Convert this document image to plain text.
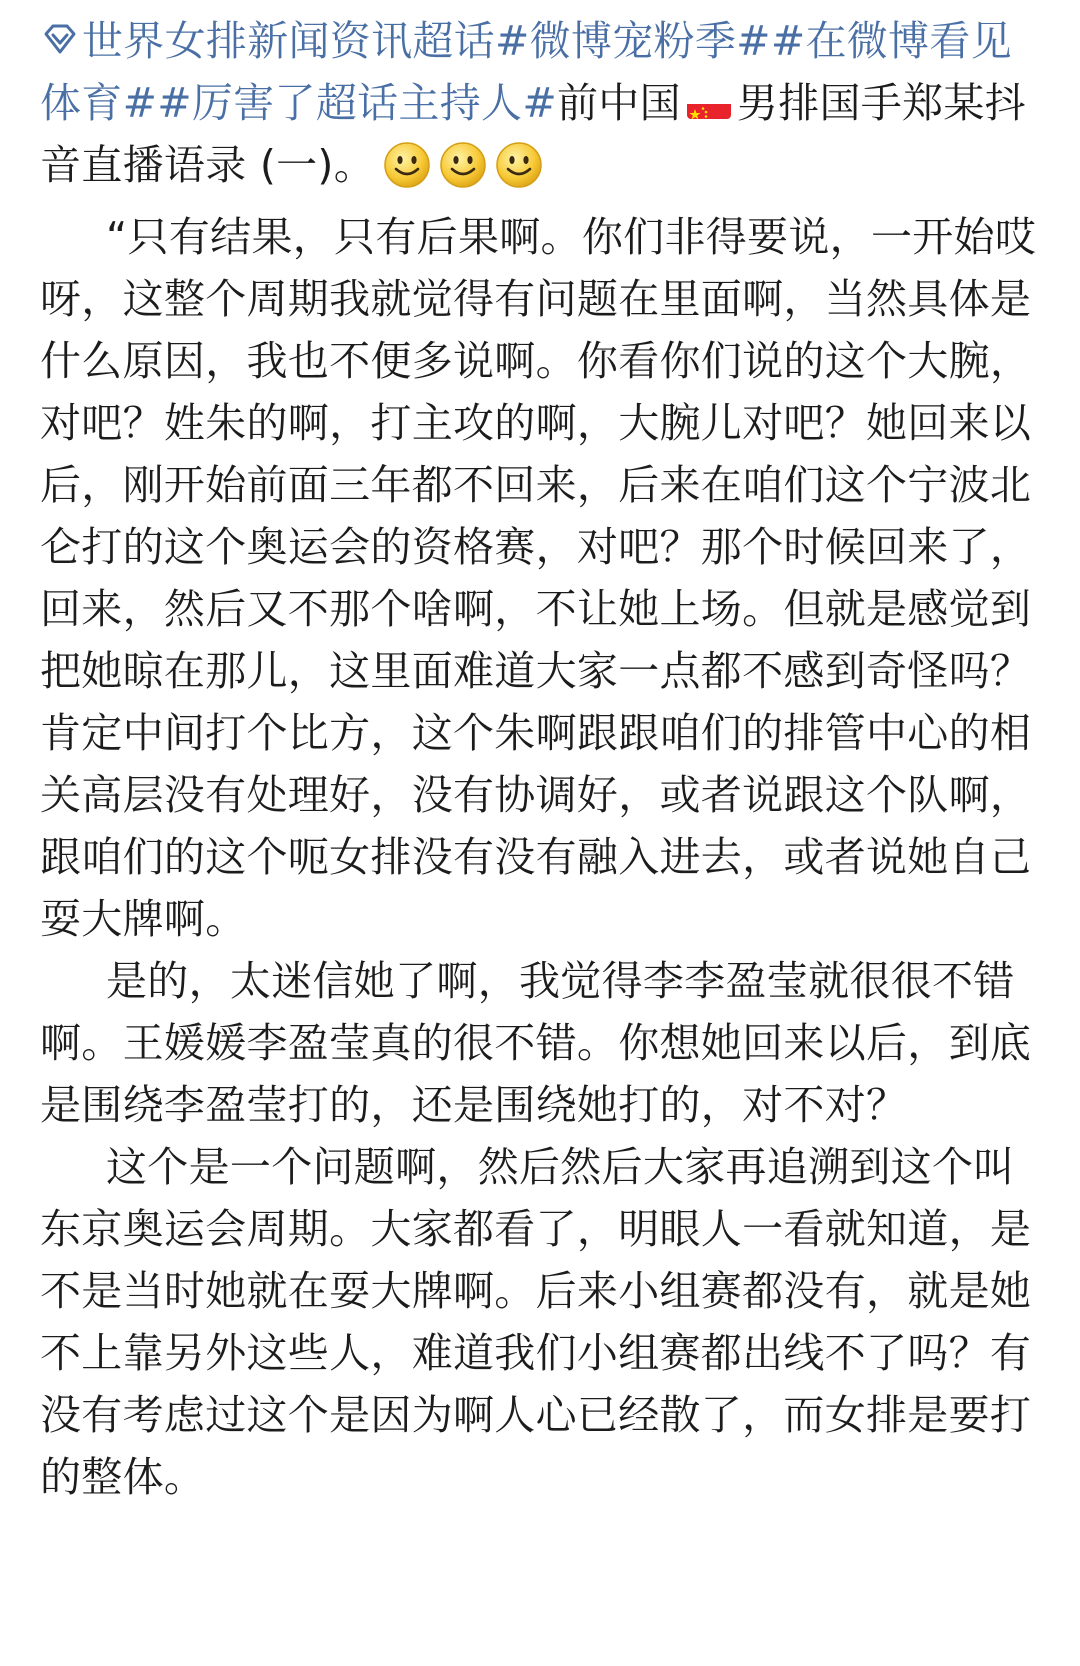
世界女排新闻资讯超话#微博宠粉季##在微博看见体育##厉害了超话主持人#前中国 男排国手郑某抖音直播语录 (一)。

“只有结果，只有后果啊。你们非得要说，一开始哎呀，这整个周期我就觉得有问题在里面啊，当然具体是什么原因，我也不便多说啊。你看你们说的这个大腕，对吧？姓朱的啊，打主攻的啊，大腕儿对吧？她回来以后，刚开始前面三年都不回来，后来在咱们这个宁波北仑打的这个奥运会的资格赛，对吧？那个时候回来了，回来，然后又不那个啥啊，不让她上场。但就是感觉到把她晾在那儿，这里面难道大家一点都不感到奇怪吗？肯定中间打个比方，这个朱啊跟跟咱们的排管中心的相关高层没有处理好，没有协调好，或者说跟这个队啊，跟咱们的这个呃女排没有没有融入进去，或者说她自己耍大牌啊。

是的，太迷信她了啊，我觉得李李盈莹就很很不错啊。王媛媛李盈莹真的很不错。你想她回来以后，到底是围绕李盈莹打的，还是围绕她打的，对不对？

这个是一个问题啊，然后然后大家再追溯到这个叫东京奥运会周期。大家都看了，明眼人一看就知道，是不是当时她就在耍大牌啊。后来小组赛都没有，就是她不上靠另外这些人，难道我们小组赛都出线不了吗？有没有考虑过这个是因为啊人心已经散了，而女排是要打的整体。
